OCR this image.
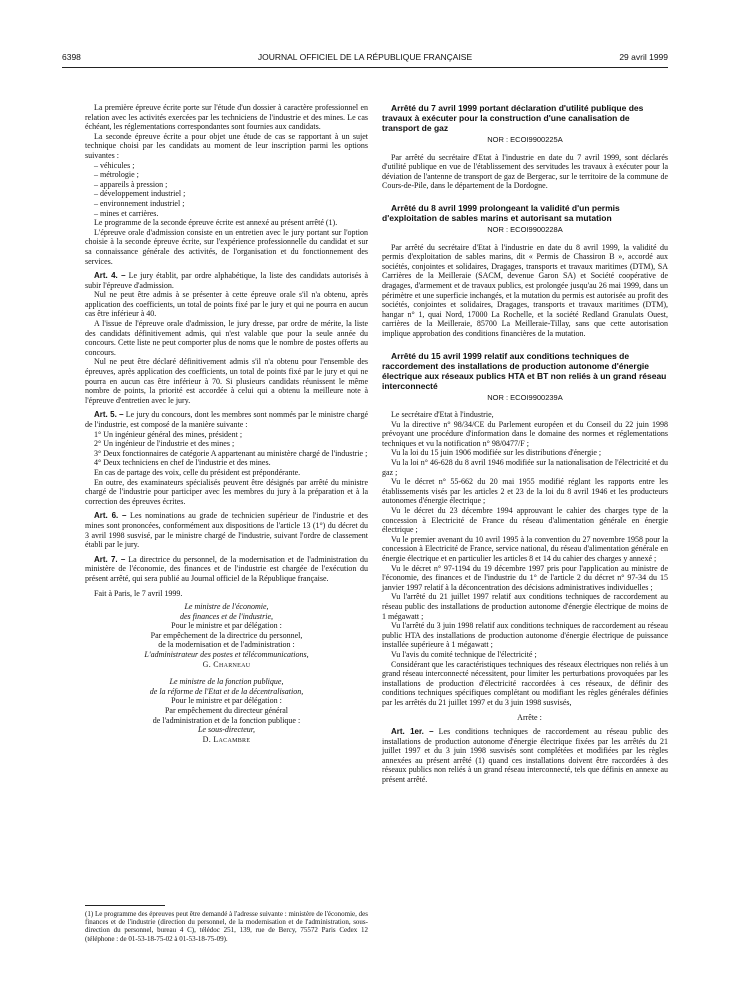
6398	JOURNAL OFFICIEL DE LA RÉPUBLIQUE FRANÇAISE	29 avril 1999

La première épreuve écrite porte sur l'étude d'un dossier à caractère professionnel en relation avec les activités exercées par les techniciens de l'industrie et des mines. Le cas échéant, les réglementations correspondantes sont fournies aux candidats.

La seconde épreuve écrite a pour objet une étude de cas se rapportant à un sujet technique choisi par les candidats au moment de leur inscription parmi les options suivantes :

– véhicules ;
– métrologie ;
– appareils à pression ;
– développement industriel ;
– environnement industriel ;
– mines et carrières.

Le programme de la seconde épreuve écrite est annexé au présent arrêté (1).

L'épreuve orale d'admission consiste en un entretien avec le jury portant sur l'option choisie à la seconde épreuve écrite, sur l'expérience professionnelle du candidat et sur sa connaissance générale des activités, de l'organisation et du fonctionnement des services.

Art. 4. – Le jury établit, par ordre alphabétique, la liste des candidats autorisés à subir l'épreuve d'admission.

Nul ne peut être admis à se présenter à cette épreuve orale s'il n'a obtenu, après application des coefficients, un total de points fixé par le jury et qui ne pourra en aucun cas être inférieur à 40.

A l'issue de l'épreuve orale d'admission, le jury dresse, par ordre de mérite, la liste des candidats définitivement admis, qui n'est valable que pour la seule année du concours. Cette liste ne peut comporter plus de noms que le nombre de postes offerts au concours.

Nul ne peut être déclaré définitivement admis s'il n'a obtenu pour l'ensemble des épreuves, après application des coefficients, un total de points fixé par le jury et qui ne pourra en aucun cas être inférieur à 70. Si plusieurs candidats réunissent le même nombre de points, la priorité est accordée à celui qui a obtenu la meilleure note à l'épreuve d'entretien avec le jury.

Art. 5. – Le jury du concours, dont les membres sont nommés par le ministre chargé de l'industrie, est composé de la manière suivante :

1° Un ingénieur général des mines, président ;
2° Un ingénieur de l'industrie et des mines ;
3° Deux fonctionnaires de catégorie A appartenant au ministère chargé de l'industrie ;
4° Deux techniciens en chef de l'industrie et des mines.

En cas de partage des voix, celle du président est prépondérante.

En outre, des examinateurs spécialisés peuvent être désignés par arrêté du ministre chargé de l'industrie pour participer avec les membres du jury à la préparation et à la correction des épreuves écrites.

Art. 6. – Les nominations au grade de technicien supérieur de l'industrie et des mines sont prononcées, conformément aux dispositions de l'article 13 (1°) du décret du 3 avril 1998 susvisé, par le ministre chargé de l'industrie, suivant l'ordre de classement établi par le jury.

Art. 7. – La directrice du personnel, de la modernisation et de l'administration du ministère de l'économie, des finances et de l'industrie est chargée de l'exécution du présent arrêté, qui sera publié au Journal officiel de la République française.

Fait à Paris, le 7 avril 1999.

Le ministre de l'économie,
des finances et de l'industrie,
Pour le ministre et par délégation :
Par empêchement de la directrice du personnel,
de la modernisation et de l'administration :
L'administrateur des postes et télécommunications,
G. Charneau
Le ministre de la fonction publique,
de la réforme de l'Etat et de la décentralisation,
Pour le ministre et par délégation :
Par empêchement du directeur général
de l'administration et de la fonction publique :
Le sous-directeur,
D. Lacambre
(1) Le programme des épreuves peut être demandé à l'adresse suivante : ministère de l'économie, des finances et de l'industrie (direction du personnel, de la modernisation et de l'administration, sous-direction du personnel, bureau 4 C), télédoc 251, 139, rue de Bercy, 75572 Paris Cedex 12 (téléphone : de 01-53-18-75-02 à 01-53-18-75-09).

Arrêté du 7 avril 1999 portant déclaration d'utilité publique des travaux à exécuter pour la construction d'une canalisation de transport de gaz

NOR : ECOI9900225A

Par arrêté du secrétaire d'Etat à l'industrie en date du 7 avril 1999, sont déclarés d'utilité publique en vue de l'établissement des servitudes les travaux à exécuter pour la déviation de l'antenne de transport de gaz de Bergerac, sur le territoire de la commune de Cours-de-Pile, dans le département de la Dordogne.

Arrêté du 8 avril 1999 prolongeant la validité d'un permis d'exploitation de sables marins et autorisant sa mutation

NOR : ECOI9900228A

Par arrêté du secrétaire d'Etat à l'industrie en date du 8 avril 1999, la validité du permis d'exploitation de sables marins, dit « Permis de Chassiron B », accordé aux sociétés, conjointes et solidaires, Dragages, transports et travaux maritimes (DTM), SA Carrières de la Meilleraie (SACM, devenue Garon SA) et Société coopérative de dragages, d'armement et de travaux publics, est prolongée jusqu'au 26 mai 1999, dans un périmètre et une superficie inchangés, et la mutation du permis est autorisée au profit des sociétés, conjointes et solidaires, Dragages, transports et travaux maritimes (DTM), hangar n° 1, quai Nord, 17000 La Rochelle, et la société Redland Granulats Ouest, carrières de la Meilleraie, 85700 La Meilleraie-Tillay, sans que cette autorisation implique approbation des conditions financières de la mutation.

Arrêté du 15 avril 1999 relatif aux conditions techniques de raccordement des installations de production autonome d'énergie électrique aux réseaux publics HTA et BT non reliés à un grand réseau interconnecté

NOR : ECOI9900239A

Le secrétaire d'Etat à l'industrie,

Vu la directive n° 98/34/CE du Parlement européen et du Conseil du 22 juin 1998 prévoyant une procédure d'information dans le domaine des normes et réglementations techniques et vu la notification n° 98/0477/F ;

Vu la loi du 15 juin 1906 modifiée sur les distributions d'énergie ;

Vu la loi n° 46-628 du 8 avril 1946 modifiée sur la nationalisation de l'électricité et du gaz ;

Vu le décret n° 55-662 du 20 mai 1955 modifié réglant les rapports entre les établissements visés par les articles 2 et 23 de la loi du 8 avril 1946 et les producteurs autonomes d'énergie électrique ;

Vu le décret du 23 décembre 1994 approuvant le cahier des charges type de la concession à Electricité de France du réseau d'alimentation générale en énergie électrique ;

Vu le premier avenant du 10 avril 1995 à la convention du 27 novembre 1958 pour la concession à Electricité de France, service national, du réseau d'alimentation générale en énergie électrique et en particulier les articles 8 et 14 du cahier des charges y annexé ;

Vu le décret n° 97-1194 du 19 décembre 1997 pris pour l'application au ministre de l'économie, des finances et de l'industrie du 1° de l'article 2 du décret n° 97-34 du 15 janvier 1997 relatif à la déconcentration des décisions administratives individuelles ;

Vu l'arrêté du 21 juillet 1997 relatif aux conditions techniques de raccordement au réseau public des installations de production autonome d'énergie électrique de moins de 1 mégawatt ;

Vu l'arrêté du 3 juin 1998 relatif aux conditions techniques de raccordement au réseau public HTA des installations de production autonome d'énergie électrique de puissance installée supérieure à 1 mégawatt ;

Vu l'avis du comité technique de l'électricité ;

Considérant que les caractéristiques techniques des réseaux électriques non reliés à un grand réseau interconnecté nécessitent, pour limiter les perturbations provoquées par les installations de production d'électricité raccordées à ces réseaux, de définir des conditions techniques spécifiques complétant ou modifiant les règles générales définies par les arrêtés du 21 juillet 1997 et du 3 juin 1998 susvisés,

Arrête :

Art. 1er. – Les conditions techniques de raccordement au réseau public des installations de production autonome d'énergie électrique fixées par les arrêtés du 21 juillet 1997 et du 3 juin 1998 susvisés sont complétées et modifiées par les règles annexées au présent arrêté (1) quand ces installations doivent être raccordées à des réseaux publics non reliés à un grand réseau interconnecté, tels que définis en annexe au présent arrêté.
